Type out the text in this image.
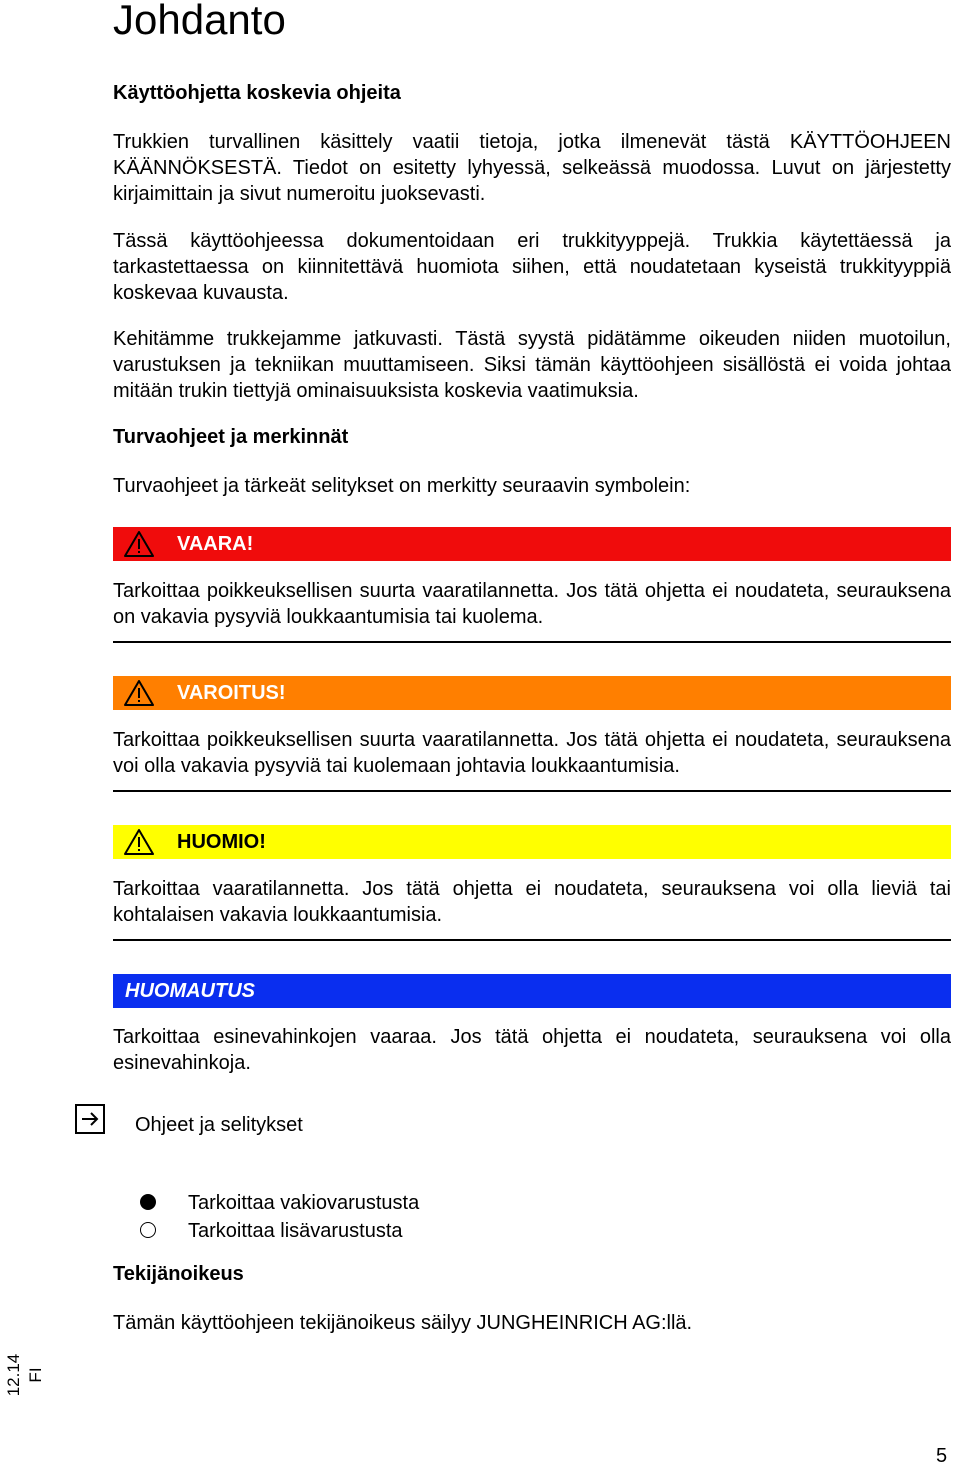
Johdanto
Käyttöohjetta koskevia ohjeita

Trukkien turvallinen käsittely vaatii tietoja, jotka ilmenevät tästä KÄYTTÖOHJEEN KÄÄNNÖKSESTÄ. Tiedot on esitetty lyhyessä, selkeässä muodossa. Luvut on järjestetty kirjaimittain ja sivut numeroitu juoksevasti.

Tässä käyttöohjeessa dokumentoidaan eri trukkityyppejä. Trukkia käytettäessä ja tarkastettaessa on kiinnitettävä huomiota siihen, että noudatetaan kyseistä trukkityyppiä koskevaa kuvausta.

Kehitämme trukkejamme jatkuvasti. Tästä syystä pidätämme oikeuden niiden muotoilun, varustuksen ja tekniikan muuttamiseen. Siksi tämän käyttöohjeen sisällöstä ei voida johtaa mitään trukin tiettyjä ominaisuuksista koskevia vaatimuksia.

Turvaohjeet ja merkinnät

Turvaohjeet ja tärkeät selitykset on merkitty seuraavin symbolein:

VAARA!

Tarkoittaa poikkeuksellisen suurta vaaratilannetta. Jos tätä ohjetta ei noudateta, seurauksena on vakavia pysyviä loukkaantumisia tai kuolema.

VAROITUS!

Tarkoittaa poikkeuksellisen suurta vaaratilannetta. Jos tätä ohjetta ei noudateta, seurauksena voi olla vakavia pysyviä tai kuolemaan johtavia loukkaantumisia.

HUOMIO!

Tarkoittaa vaaratilannetta. Jos tätä ohjetta ei noudateta, seurauksena voi olla lieviä tai kohtalaisen vakavia loukkaantumisia.

HUOMAUTUS

Tarkoittaa esinevahinkojen vaaraa. Jos tätä ohjetta ei noudateta, seurauksena voi olla esinevahinkoja.

Ohjeet ja selitykset
Tarkoittaa vakiovarustusta
Tarkoittaa lisävarustusta
Tekijänoikeus

Tämän käyttöohjeen tekijänoikeus säilyy JUNGHEINRICH AG:llä.

12.14 FI
5
